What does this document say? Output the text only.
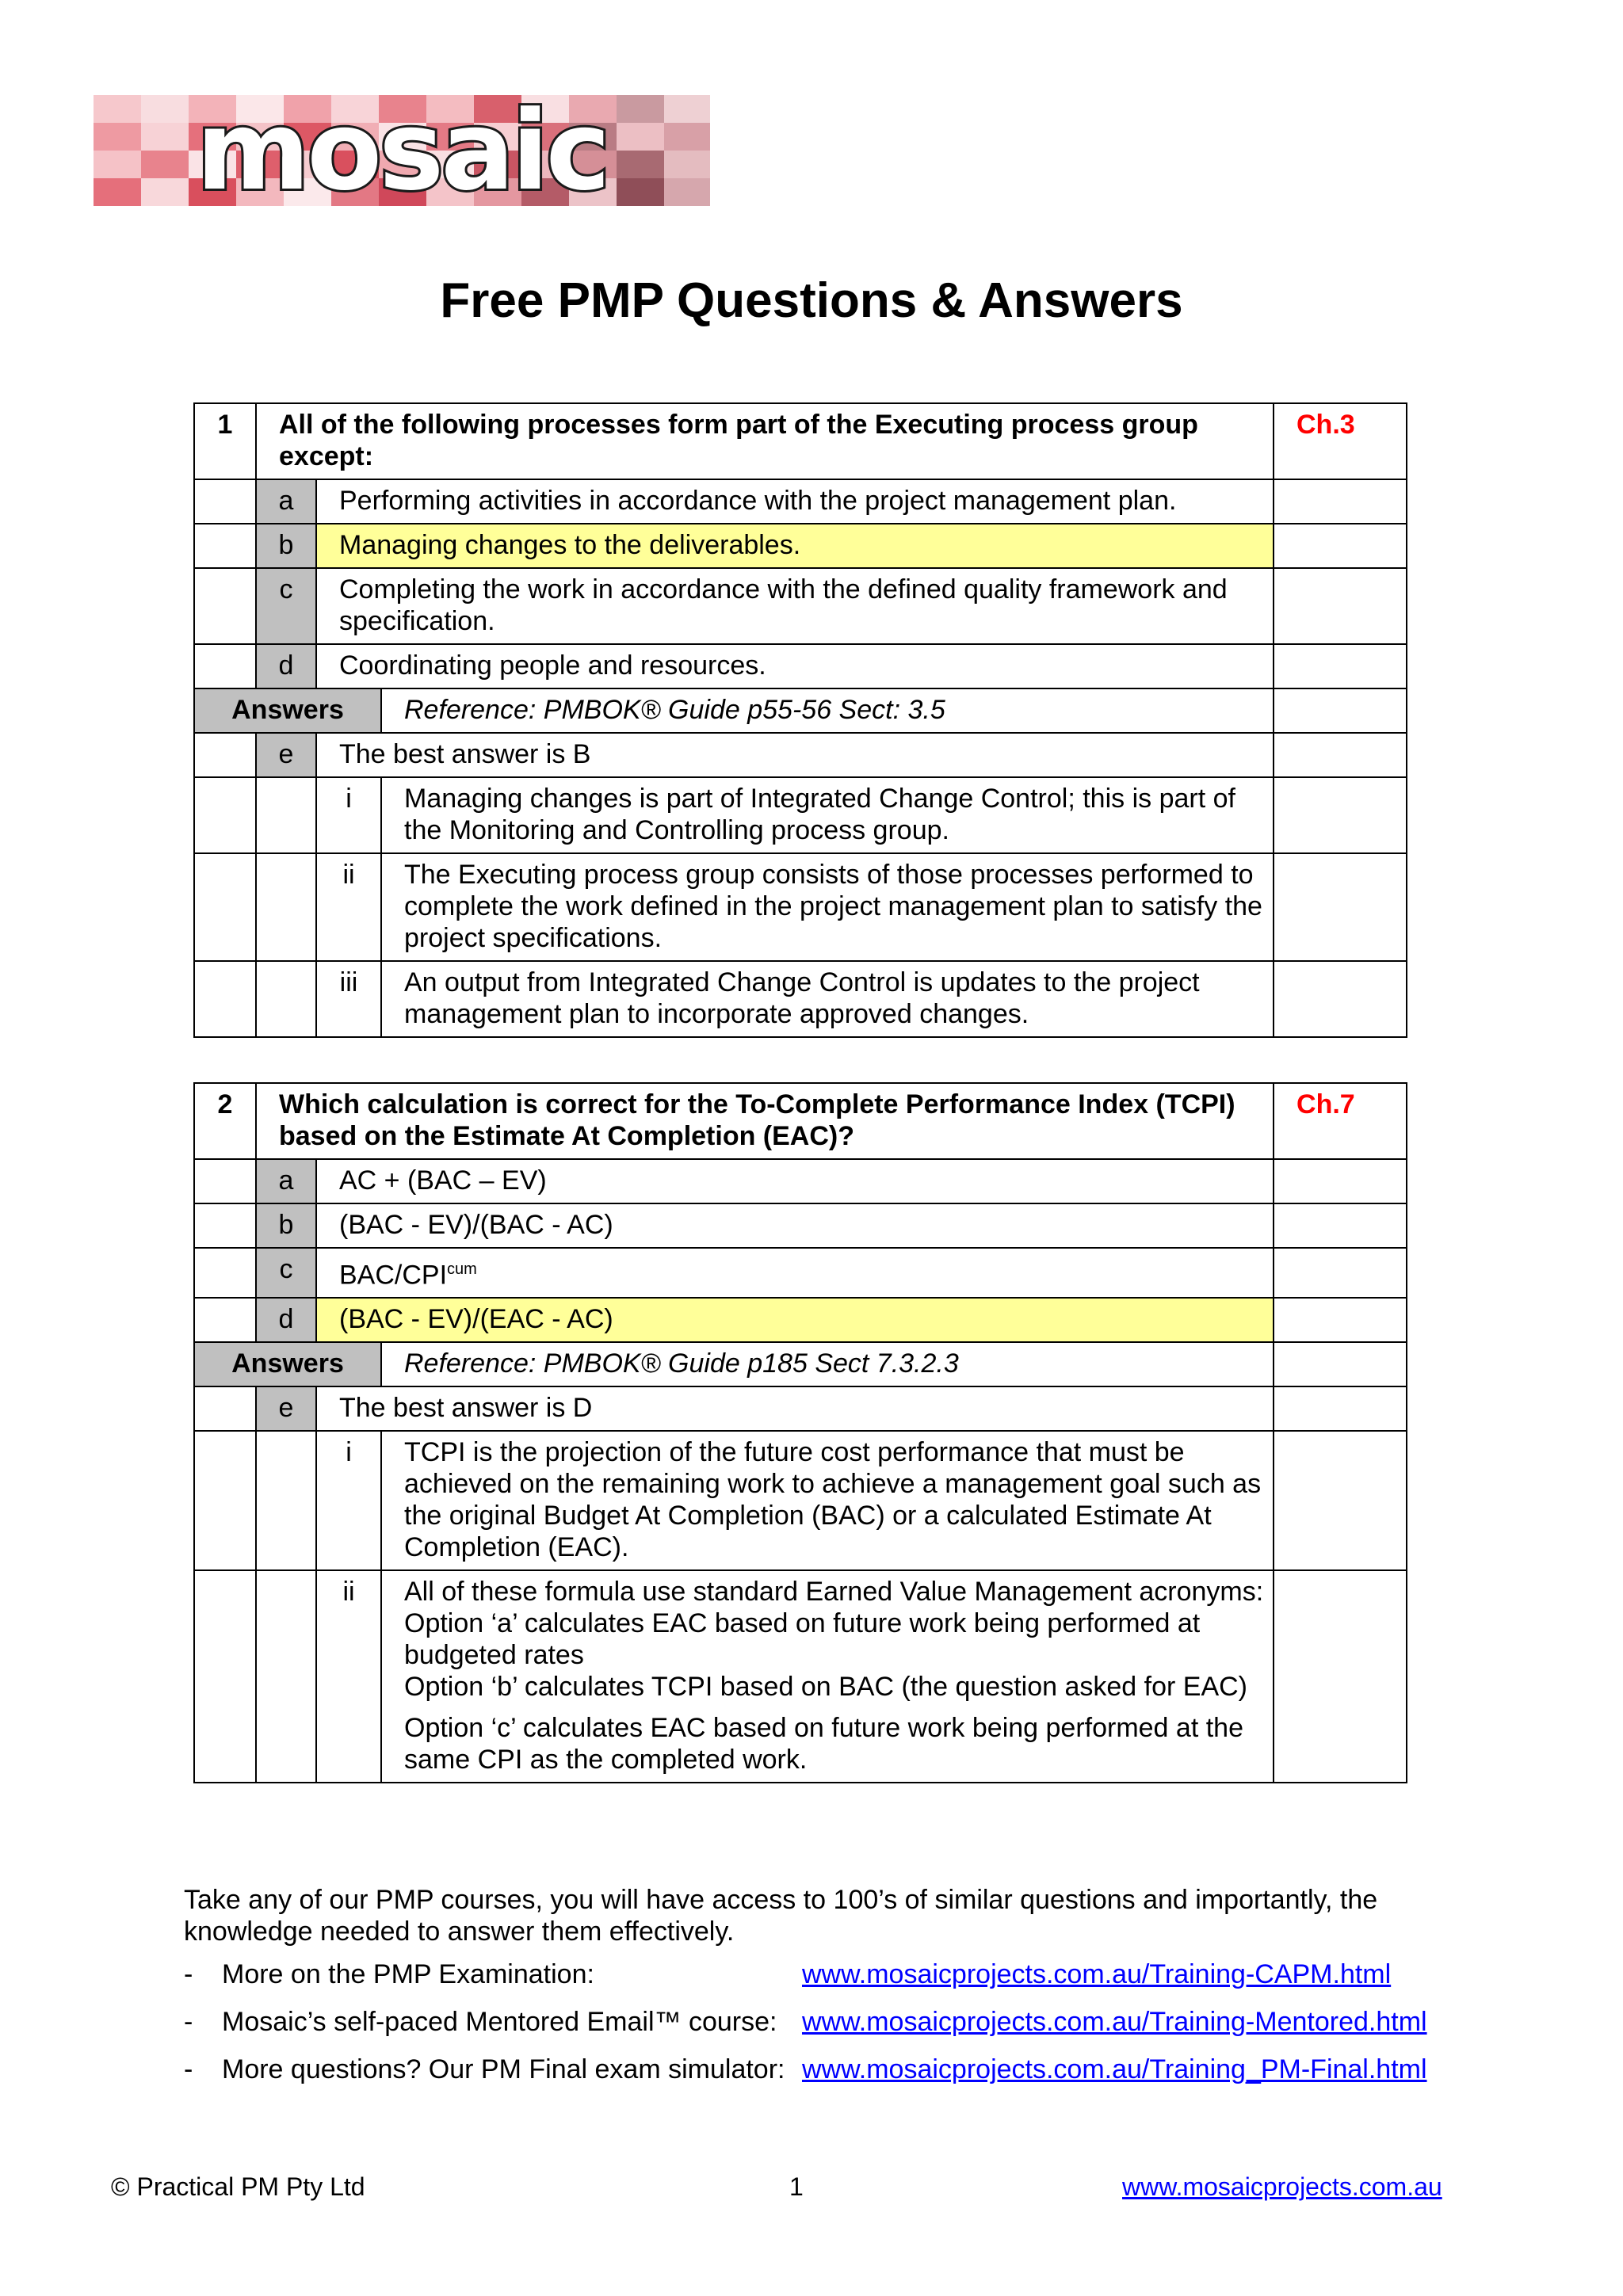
mosaic
Free PMP Questions & Answers
1	All of the following processes form part of the Executing process group except:			Ch.3
	a	Performing activities in accordance with the project management plan.		
	b	Managing changes to the deliverables.		
	c	Completing the work in accordance with the defined quality framework and specification.		
	d	Coordinating people and resources.		
Answers			Reference: PMBOK® Guide p55-56 Sect: 3.5	
	e	The best answer is B		
		i	Managing changes is part of Integrated Change Control; this is part of the Monitoring and Controlling process group.	
		ii	The Executing process group consists of those processes performed to complete the work defined in the project management plan to satisfy the project specifications.	
		iii	An output from Integrated Change Control is updates to the project management plan to incorporate approved changes.	
2	Which calculation is correct for the To-Complete Performance Index (TCPI) based on the Estimate At Completion (EAC)?			Ch.7
	a	AC + (BAC – EV)		
	b	(BAC - EV)/(BAC - AC)		
	c	BAC/$CPI^{cum}$	
	d	(BAC - EV)/(EAC - AC)		
Answers			Reference: PMBOK® Guide p185 Sect 7.3.2.3	
	e	The best answer is D		
		i	TCPI is the projection of the future cost performance that must be achieved on the remaining work to achieve a management goal such as the original Budget At Completion (BAC) or a calculated Estimate At Completion (EAC).	
		ii	All of these formula use standard Earned Value Management acronyms:
Option ‘a’ calculates EAC based on future work being performed at budgeted rates
Option ‘b’ calculates TCPI based on BAC (the question asked for EAC)
Option ‘c’ calculates EAC based on future work being performed at the same CPI as the completed work.	

Take any of our PMP courses, you will have access to 100’s of similar questions and importantly, the knowledge needed to answer them effectively.
- More on the PMP Examination:	www.mosaicprojects.com.au/Training-CAPM.html
- Mosaic’s self-paced Mentored Email™ course: www.mosaicprojects.com.au/Training-Mentored.html
- More questions? Our PM Final exam simulator: www.mosaicprojects.com.au/Training_PM-Final.html
© Practical PM Pty Ltd	1	www.mosaicprojects.com.au
